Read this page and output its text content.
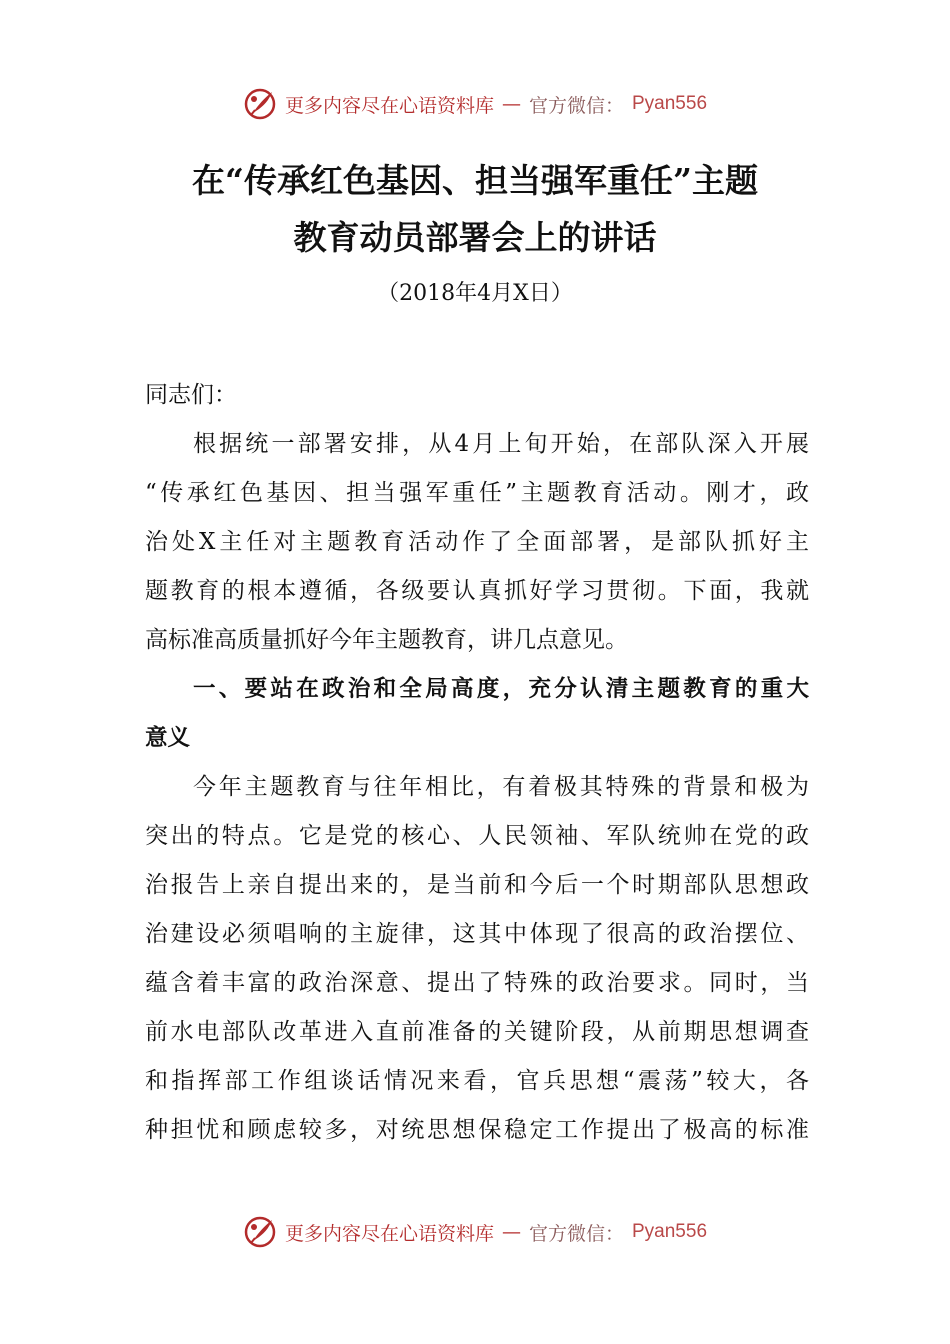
更多内容尽在心语资料库 — 官方微信： Pyan556
在“传承红色基因、担当强军重任”主题
教育动员部署会上的讲话
（2018年4月X日）
同志们：
根据统一部署安排，从4月上旬开始，在部队深入开展
“传承红色基因、担当强军重任”主题教育活动。刚才，政
治处X主任对主题教育活动作了全面部署，是部队抓好主
题教育的根本遵循，各级要认真抓好学习贯彻。下面，我就
高标准高质量抓好今年主题教育，讲几点意见。
一、要站在政治和全局高度，充分认清主题教育的重大
意义
今年主题教育与往年相比，有着极其特殊的背景和极为
突出的特点。它是党的核心、人民领袖、军队统帅在党的政
治报告上亲自提出来的，是当前和今后一个时期部队思想政
治建设必须唱响的主旋律，这其中体现了很高的政治摆位、
蕴含着丰富的政治深意、提出了特殊的政治要求。同时，当
前水电部队改革进入直前准备的关键阶段，从前期思想调查
和指挥部工作组谈话情况来看，官兵思想“震荡”较大，各
种担忧和顾虑较多，对统思想保稳定工作提出了极高的标准
更多内容尽在心语资料库 — 官方微信： Pyan556
